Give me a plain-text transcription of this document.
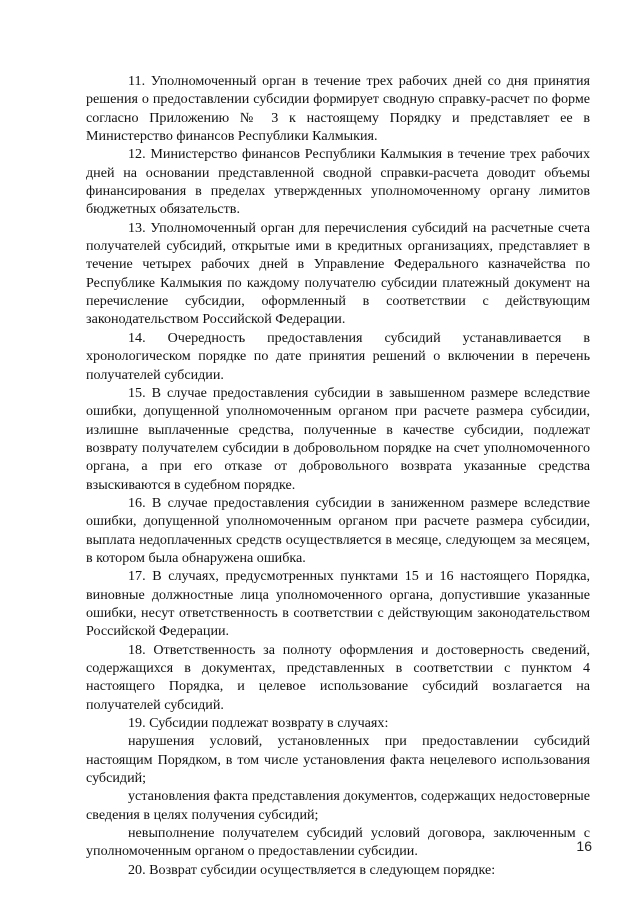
11. Уполномоченный орган в течение трех рабочих дней со дня принятия решения о предоставлении субсидии формирует сводную справку-расчет по форме согласно Приложению № 3 к настоящему Порядку и представляет ее в Министерство финансов Республики Калмыкия.

12. Министерство финансов Республики Калмыкия в течение трех рабочих дней на основании представленной сводной справки-расчета доводит объемы финансирования в пределах утвержденных уполномоченному органу лимитов бюджетных обязательств.

13. Уполномоченный орган для перечисления субсидий на расчетные счета получателей субсидий, открытые ими в кредитных организациях, представляет в течение четырех рабочих дней в Управление Федерального казначейства по Республике Калмыкия по каждому получателю субсидии платежный документ на перечисление субсидии, оформленный в соответствии с действующим законодательством Российской Федерации.

14. Очередность предоставления субсидий устанавливается в хронологическом порядке по дате принятия решений о включении в перечень получателей субсидии.

15. В случае предоставления субсидии в завышенном размере вследствие ошибки, допущенной уполномоченным органом при расчете размера субсидии, излишне выплаченные средства, полученные в качестве субсидии, подлежат возврату получателем субсидии в добровольном порядке на счет уполномоченного органа, а при его отказе от добровольного возврата указанные средства взыскиваются в судебном порядке.

16. В случае предоставления субсидии в заниженном размере вследствие ошибки, допущенной уполномоченным органом при расчете размера субсидии, выплата недоплаченных средств осуществляется в месяце, следующем за месяцем, в котором была обнаружена ошибка.

17. В случаях, предусмотренных пунктами 15 и 16 настоящего Порядка, виновные должностные лица уполномоченного органа, допустившие указанные ошибки, несут ответственность в соответствии с действующим законодательством Российской Федерации.

18. Ответственность за полноту оформления и достоверность сведений, содержащихся в документах, представленных в соответствии с пунктом 4 настоящего Порядка, и целевое использование субсидий возлагается на получателей субсидий.

19. Субсидии подлежат возврату в случаях:

нарушения условий, установленных при предоставлении субсидий настоящим Порядком, в том числе установления факта нецелевого использования субсидий;

установления факта представления документов, содержащих недостоверные сведения в целях получения субсидий;

невыполнение получателем субсидий условий договора, заключенным с уполномоченным органом о предоставлении субсидии.

20. Возврат субсидии осуществляется в следующем порядке:

16
